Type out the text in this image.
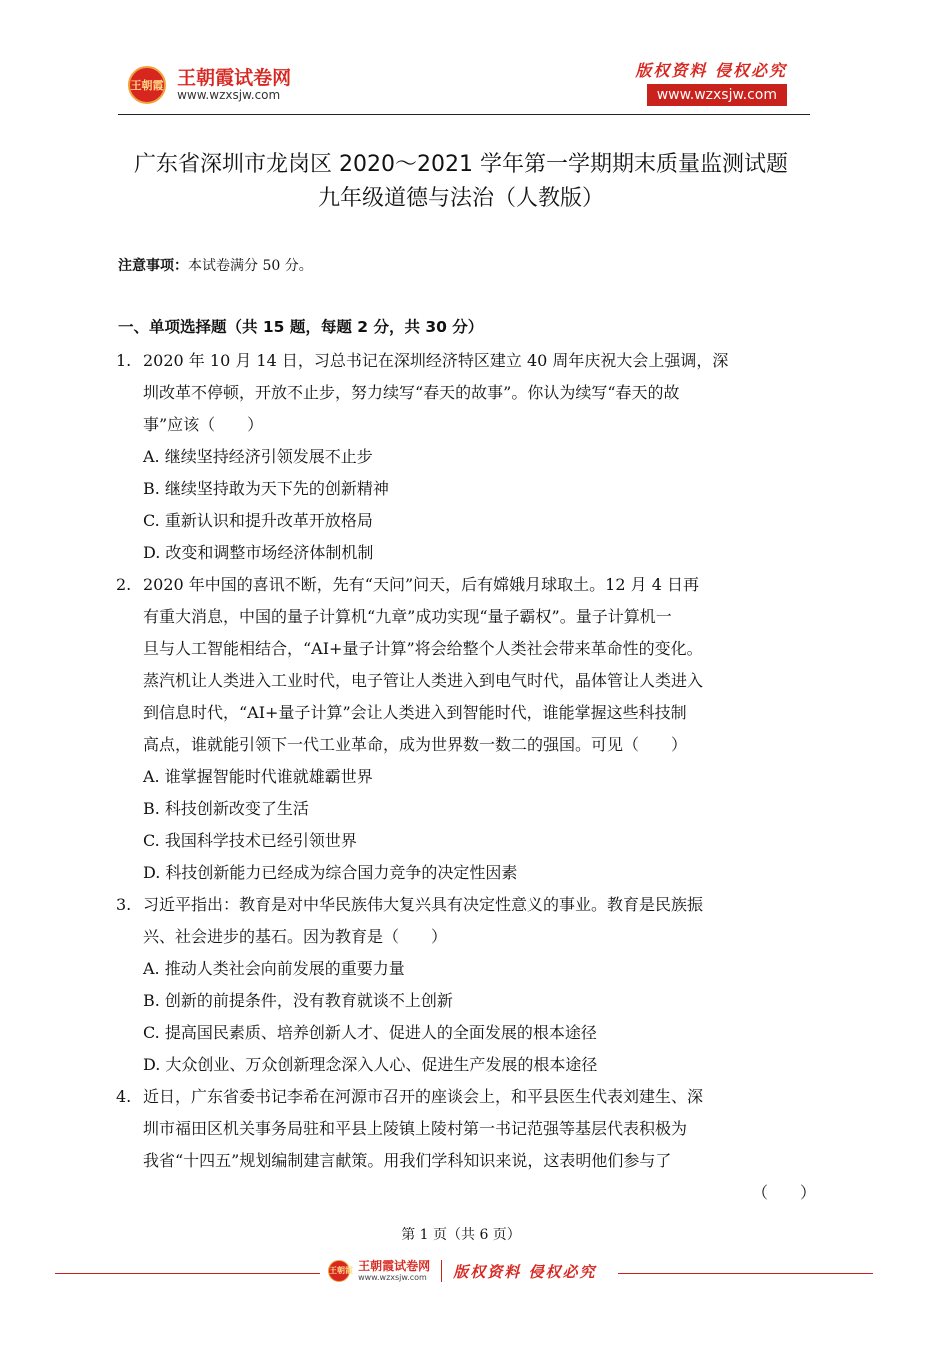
王朝霞 王朝霞试卷网
www.wzxsjw.com
版权资料 侵权必究
www.wzxsjw.com
广东省深圳市龙岗区 2020～2021 学年第一学期期末质量监测试题
九年级道德与法治（人教版）
注意事项：本试卷满分 50 分。
一、单项选择题（共 15 题，每题 2 分，共 30 分）
1. 2020 年 10 月 14 日，习总书记在深圳经济特区建立 40 周年庆祝大会上强调，深
圳改革不停顿，开放不止步，努力续写“春天的故事”。你认为续写“春天的故
事”应该（　　）
A. 继续坚持经济引领发展不止步
B. 继续坚持敢为天下先的创新精神
C. 重新认识和提升改革开放格局
D. 改变和调整市场经济体制机制
2. 2020 年中国的喜讯不断，先有“天问”问天，后有嫦娥月球取土。12 月 4 日再
有重大消息，中国的量子计算机“九章”成功实现“量子霸权”。量子计算机一
旦与人工智能相结合，“AI+量子计算”将会给整个人类社会带来革命性的变化。
蒸汽机让人类进入工业时代，电子管让人类进入到电气时代，晶体管让人类进入
到信息时代，“AI+量子计算”会让人类进入到智能时代，谁能掌握这些科技制
高点，谁就能引领下一代工业革命，成为世界数一数二的强国。可见（　　）
A. 谁掌握智能时代谁就雄霸世界
B. 科技创新改变了生活
C. 我国科学技术已经引领世界
D. 科技创新能力已经成为综合国力竞争的决定性因素
3. 习近平指出：教育是对中华民族伟大复兴具有决定性意义的事业。教育是民族振
兴、社会进步的基石。因为教育是（　　）
A. 推动人类社会向前发展的重要力量
B. 创新的前提条件，没有教育就谈不上创新
C. 提高国民素质、培养创新人才、促进人的全面发展的根本途径
D. 大众创业、万众创新理念深入人心、促进生产发展的根本途径
4. 近日，广东省委书记李希在河源市召开的座谈会上，和平县医生代表刘建生、深
圳市福田区机关事务局驻和平县上陵镇上陵村第一书记范强等基层代表积极为
我省“十四五”规划编制建言献策。用我们学科知识来说，这表明他们参与了
（　　）
第 1 页（共 6 页）
王朝霞 王朝霞试卷网
www.wzxsjw.com 版权资料 侵权必究
